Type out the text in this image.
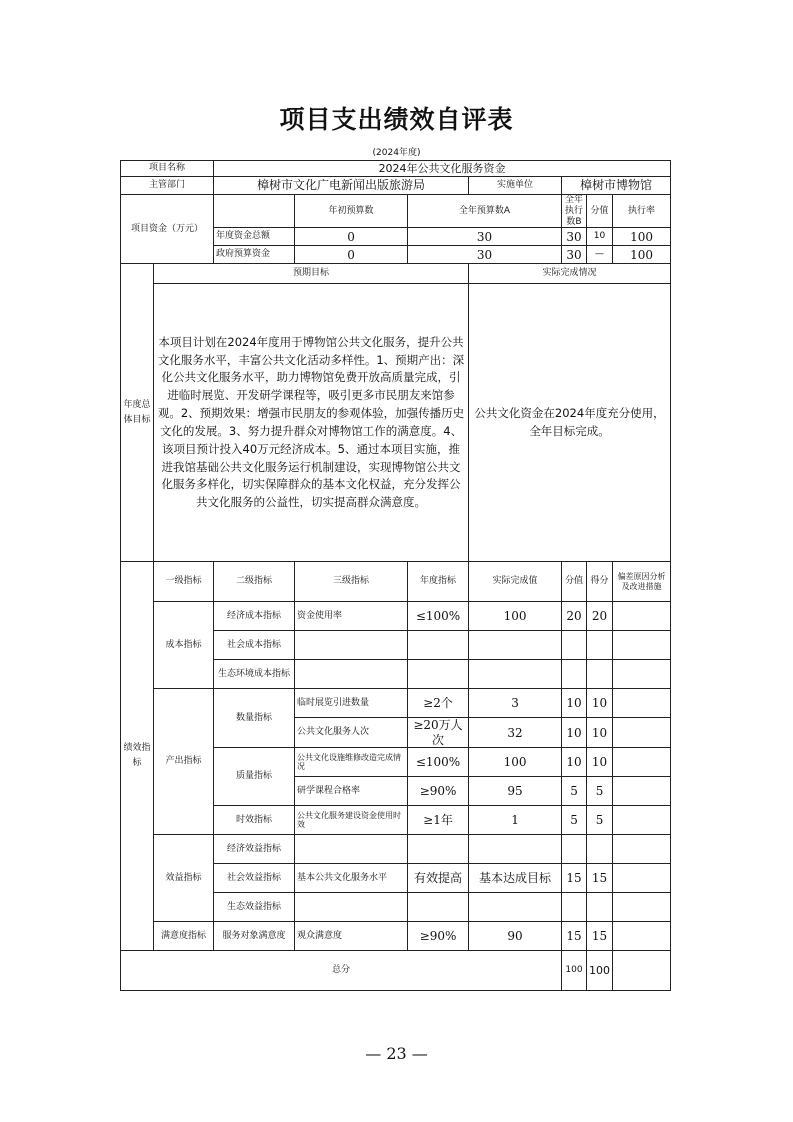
项目支出绩效自评表
(2024年度)
项目名称		2024年公共文化服务资金						
主管部门		樟树市文化广电新闻出版旅游局			实施单位	樟树市博物馆		
项目资金（万元）			年初预算数	全年预算数A		全年执行数B	分值	执行率
		年度资金总额	0	30		30	10	100
		政府预算资金	0	30		30	—	100
年度总体目标	预期目标				实际完成情况			
	本项目计划在2024年度用于博物馆公共文化服务，提升公共文化服务水平，丰富公共文化活动多样性。1、预期产出：深化公共文化服务水平，助力博物馆免费开放高质量完成，引进临时展览、开发研学课程等，吸引更多市民朋友来馆参观。2、预期效果：增强市民朋友的参观体验，加强传播历史文化的发展。3、努力提升群众对博物馆工作的满意度。4、该项目预计投入40万元经济成本。5、通过本项目实施，推进我馆基础公共文化服务运行机制建设，实现博物馆公共文化服务多样化，切实保障群众的基本文化权益，充分发挥公共文化服务的公益性，切实提高群众满意度。				公共文化资金在2024年度充分使用，全年目标完成。			
绩效指标	一级指标	二级指标	三级指标	年度指标	实际完成值	分值	得分	偏差原因分析及改进措施
	成本指标	经济成本指标	资金使用率	≤100%	100	20	20	
		社会成本指标						
		生态环境成本指标						
	产出指标	数量指标	临时展览引进数量	≥2个	3	10	10	
			公共文化服务人次	≥20万人次	32	10	10	
		质量指标	公共文化设施维修改造完成情况	≤100%	100	10	10	
			研学课程合格率	≥90%	95	5	5	
		时效指标	公共文化服务建设资金使用时效	≥1年	1	5	5	
	效益指标	经济效益指标						
		社会效益指标	基本公共文化服务水平	有效提高	基本达成目标	15	15	
		生态效益指标						
	满意度指标	服务对象满意度	观众满意度	≥90%	90	15	15	
总分						100	100	
— 23 —
